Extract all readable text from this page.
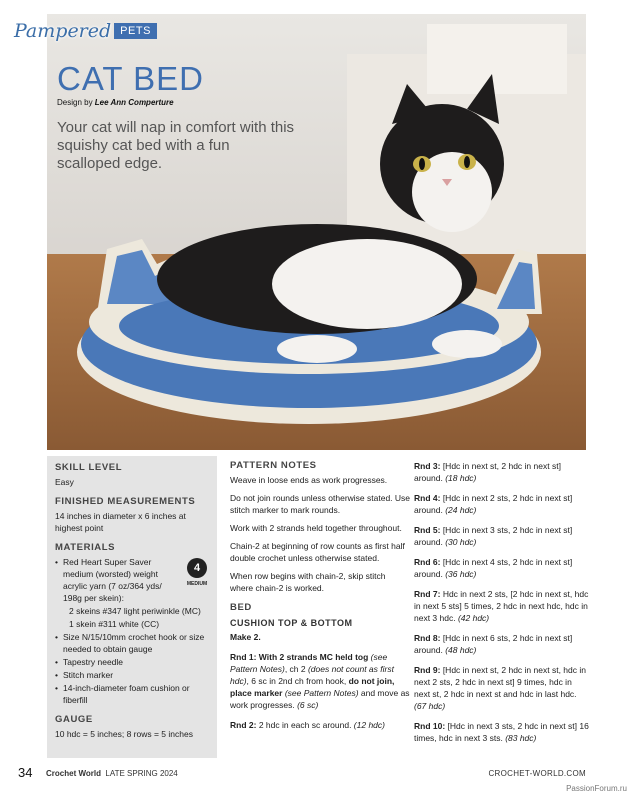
Pampered PETS
CAT BED
Design by Lee Ann Comperture
Your cat will nap in comfort with this squishy cat bed with a fun scalloped edge.
SKILL LEVEL
Easy
FINISHED MEASUREMENTS
14 inches in diameter x 6 inches at highest point
MATERIALS
• Red Heart Super Saver medium (worsted) weight acrylic yarn (7 oz/364 yds/ 198g per skein):
2 skeins #347 light periwinkle (MC)
1 skein #311 white (CC)
• Size N/15/10mm crochet hook or size needed to obtain gauge
• Tapestry needle
• Stitch marker
• 14-inch-diameter foam cushion or fiberfill
4
MEDIUM
GAUGE
10 hdc = 5 inches; 8 rows = 5 inches
PATTERN NOTES
Weave in loose ends as work progresses.
Do not join rounds unless otherwise stated. Use stitch marker to mark rounds.
Work with 2 strands held together throughout.
Chain-2 at beginning of row counts as first half double crochet unless otherwise stated.
When row begins with chain-2, skip stitch where chain-2 is worked.
BED
CUSHION TOP & BOTTOM
Make 2.
Rnd 1: With 2 strands MC held tog (see Pattern Notes), ch 2 (does not count as first hdc), 6 sc in 2nd ch from hook, do not join, place marker (see Pattern Notes) and move as work progresses. (6 sc)
Rnd 2: 2 hdc in each sc around. (12 hdc)
Rnd 3: [Hdc in next st, 2 hdc in next st] around. (18 hdc)
Rnd 4: [Hdc in next 2 sts, 2 hdc in next st] around. (24 hdc)
Rnd 5: [Hdc in next 3 sts, 2 hdc in next st] around. (30 hdc)
Rnd 6: [Hdc in next 4 sts, 2 hdc in next st] around. (36 hdc)
Rnd 7: Hdc in next 2 sts, [2 hdc in next st, hdc in next 5 sts] 5 times, 2 hdc in next hdc, hdc in next 3 hdc. (42 hdc)
Rnd 8: [Hdc in next 6 sts, 2 hdc in next st] around. (48 hdc)
Rnd 9: [Hdc in next st, 2 hdc in next st, hdc in next 2 sts, 2 hdc in next st] 9 times, hdc in next st, 2 hdc in next st and hdc in last hdc. (67 hdc)
Rnd 10: [Hdc in next 3 sts, 2 hdc in next st] 16 times, hdc in next 3 sts. (83 hdc)
34 Crochet World LATE SPRING 2024	CROCHET-WORLD.COM
PassionForum.ru
